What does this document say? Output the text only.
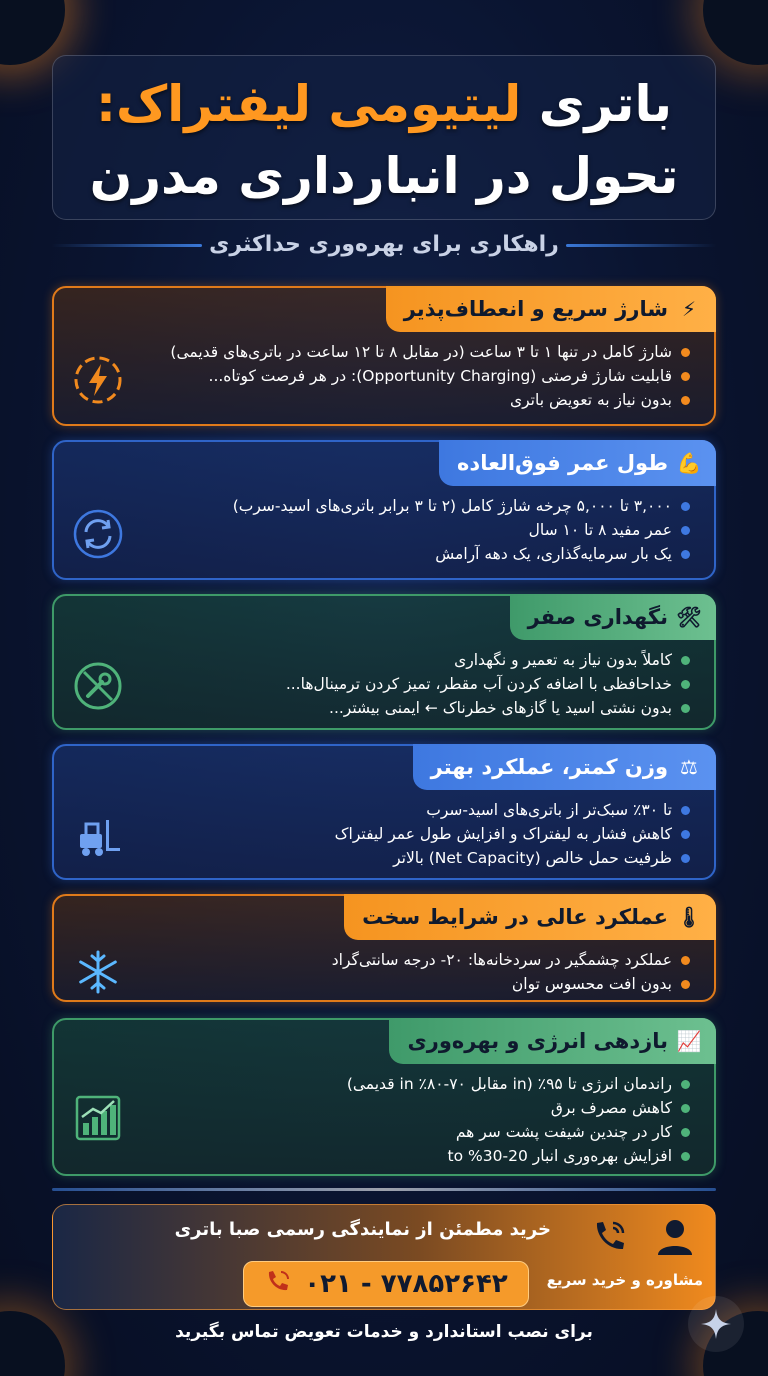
باتری لیتیومی لیفتراک:
تحول در انبارداری مدرن
راهکاری برای بهره‌وری حداکثری
⚡
شارژ سریع و انعطاف‌پذیر
شارژ کامل در تنها ۱ تا ۳ ساعت (در مقابل ۸ تا ۱۲ ساعت در باتری‌های قدیمی)
قابلیت شارژ فرصتی (Opportunity Charging): در هر فرصت کوتاه...
بدون نیاز به تعویض باتری
💪
طول عمر فوق‌العاده
۳,۰۰۰ تا ۵,۰۰۰ چرخه شارژ کامل (۲ تا ۳ برابر باتری‌های اسید-سرب)
عمر مفید ۸ تا ۱۰ سال
یک بار سرمایه‌گذاری، یک دهه آرامش
🛠
نگهداری صفر
کاملاً بدون نیاز به تعمیر و نگهداری
خداحافظی با اضافه کردن آب مقطر، تمیز کردن ترمینال‌ها...
بدون نشتی اسید یا گازهای خطرناک ← ایمنی بیشتر...
⚖
وزن کمتر، عملکرد بهتر
تا ۳۰٪ سبک‌تر از باتری‌های اسید-سرب
کاهش فشار به لیفتراک و افزایش طول عمر لیفتراک
ظرفیت حمل خالص (Net Capacity) بالاتر
🌡
عملکرد عالی در شرایط سخت
عملکرد چشمگیر در سردخانه‌ها: ۲۰- درجه سانتی‌گراد
بدون افت محسوس توان
📈
بازدهی انرژی و بهره‌وری
راندمان انرژی تا ۹۵٪ (in مقابل ۷۰-۸۰٪ in قدیمی)
کاهش مصرف برق
کار در چندین شیفت پشت سر هم
افزایش بهره‌وری انبار 20-30% to
خرید مطمئن از نمایندگی رسمی صبا باتری
مشاوره و خرید سریع
۰۲۱ - ۷۷۸۵۲۶۴۲
برای نصب استاندارد و خدمات تعویض تماس بگیرید
